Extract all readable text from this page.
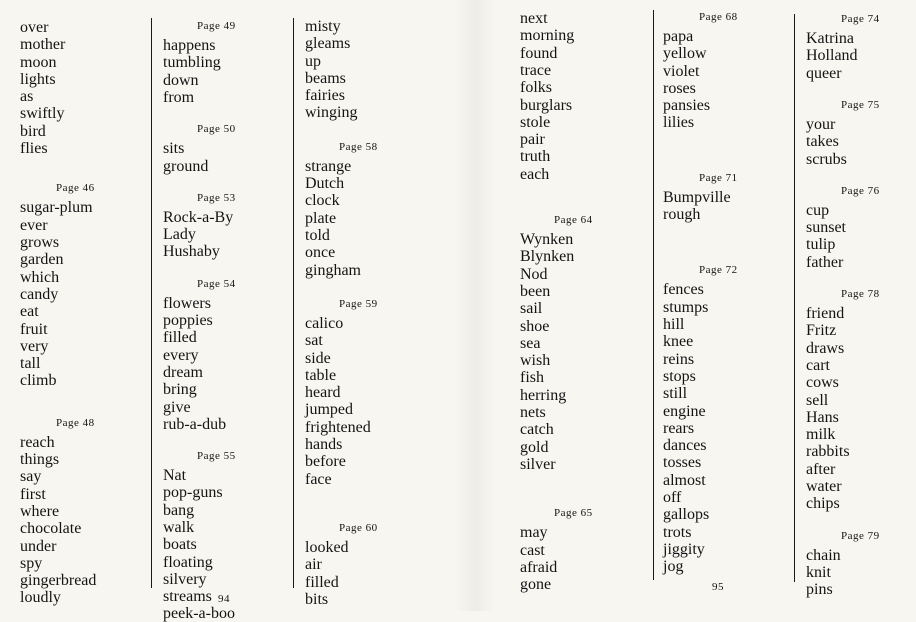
over
mother
moon
lights
as
swiftly
bird
flies
Page 46
sugar-plum
ever
grows
garden
which
candy
eat
fruit
very
tall
climb
Page 48
reach
things
say
first
where
chocolate
under
spy
gingerbread
loudly
Page 49
happens
tumbling
down
from
Page 50
sits
ground
Page 53
Rock-a-By
Lady
Hushaby
Page 54
flowers
poppies
filled
every
dream
bring
give
rub-a-dub
Page 55
Nat
pop-guns
bang
walk
boats
floating
silvery
streams
peek-a-boo
misty
gleams
up
beams
fairies
winging
Page 58
strange
Dutch
clock
plate
told
once
gingham
Page 59
calico
sat
side
table
heard
jumped
frightened
hands
before
face
Page 60
looked
air
filled
bits
94
next
morning
found
trace
folks
burglars
stole
pair
truth
each
Page 64
Wynken
Blynken
Nod
been
sail
shoe
sea
wish
fish
herring
nets
catch
gold
silver
Page 65
may
cast
afraid
gone
Page 68
papa
yellow
violet
roses
pansies
lilies
Page 71
Bumpville
rough
Page 72
fences
stumps
hill
knee
reins
stops
still
engine
rears
dances
tosses
almost
off
gallops
trots
jiggity
jog
Page 74
Katrina
Holland
queer
Page 75
your
takes
scrubs
Page 76
cup
sunset
tulip
father
Page 78
friend
Fritz
draws
cart
cows
sell
Hans
milk
rabbits
after
water
chips
Page 79
chain
knit
pins
95
